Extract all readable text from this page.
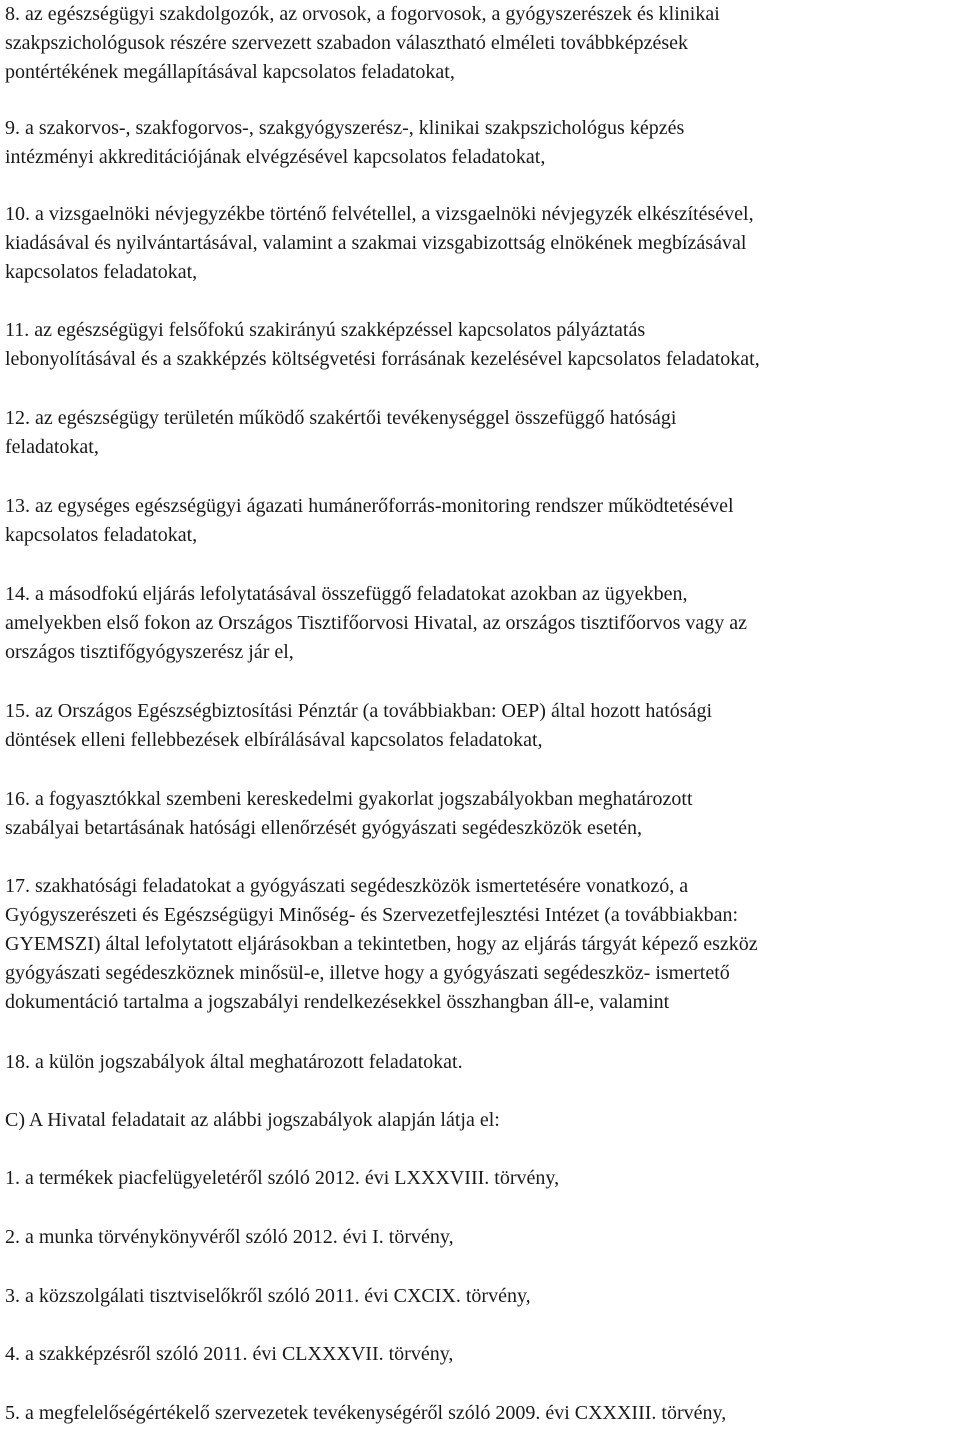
8. az egészségügyi szakdolgozók, az orvosok, a fogorvosok, a gyógyszerészek és klinikai
szakpszichológusok részére szervezett szabadon választható elméleti továbbképzések
pontértékének megállapításával kapcsolatos feladatokat,

9. a szakorvos-, szakfogorvos-, szakgyógyszerész-, klinikai szakpszichológus képzés
intézményi akkreditációjának elvégzésével kapcsolatos feladatokat,

10. a vizsgaelnöki névjegyzékbe történő felvétellel, a vizsgaelnöki névjegyzék elkészítésével,
kiadásával és nyilvántartásával, valamint a szakmai vizsgabizottság elnökének megbízásával
kapcsolatos feladatokat,

11. az egészségügyi felsőfokú szakirányú szakképzéssel kapcsolatos pályáztatás
lebonyolításával és a szakképzés költségvetési forrásának kezelésével kapcsolatos feladatokat,

12. az egészségügy területén működő szakértői tevékenységgel összefüggő hatósági
feladatokat,

13. az egységes egészségügyi ágazati humánerőforrás-monitoring rendszer működtetésével
kapcsolatos feladatokat,

14. a másodfokú eljárás lefolytatásával összefüggő feladatokat azokban az ügyekben,
amelyekben első fokon az Országos Tisztifőorvosi Hivatal, az országos tisztifőorvos vagy az
országos tisztifőgyógyszerész jár el,

15. az Országos Egészségbiztosítási Pénztár (a továbbiakban: OEP) által hozott hatósági
döntések elleni fellebbezések elbírálásával kapcsolatos feladatokat,

16. a fogyasztókkal szembeni kereskedelmi gyakorlat jogszabályokban meghatározott
szabályai betartásának hatósági ellenőrzését gyógyászati segédeszközök esetén,

17. szakhatósági feladatokat a gyógyászati segédeszközök ismertetésére vonatkozó, a
Gyógyszerészeti és Egészségügyi Minőség- és Szervezetfejlesztési Intézet (a továbbiakban:
GYEMSZI) által lefolytatott eljárásokban a tekintetben, hogy az eljárás tárgyát képező eszköz
gyógyászati segédeszköznek minősül-e, illetve hogy a gyógyászati segédeszköz- ismertető
dokumentáció tartalma a jogszabályi rendelkezésekkel összhangban áll-e, valamint

18. a külön jogszabályok által meghatározott feladatokat.

C) A Hivatal feladatait az alábbi jogszabályok alapján látja el:

1. a termékek piacfelügyeletéről szóló 2012. évi LXXXVIII. törvény,

2. a munka törvénykönyvéről szóló 2012. évi I. törvény,

3. a közszolgálati tisztviselőkről szóló 2011. évi CXCIX. törvény,

4. a szakképzésről szóló 2011. évi CLXXXVII. törvény,

5. a megfelelőségértékelő szervezetek tevékenységéről szóló 2009. évi CXXXIII. törvény,
